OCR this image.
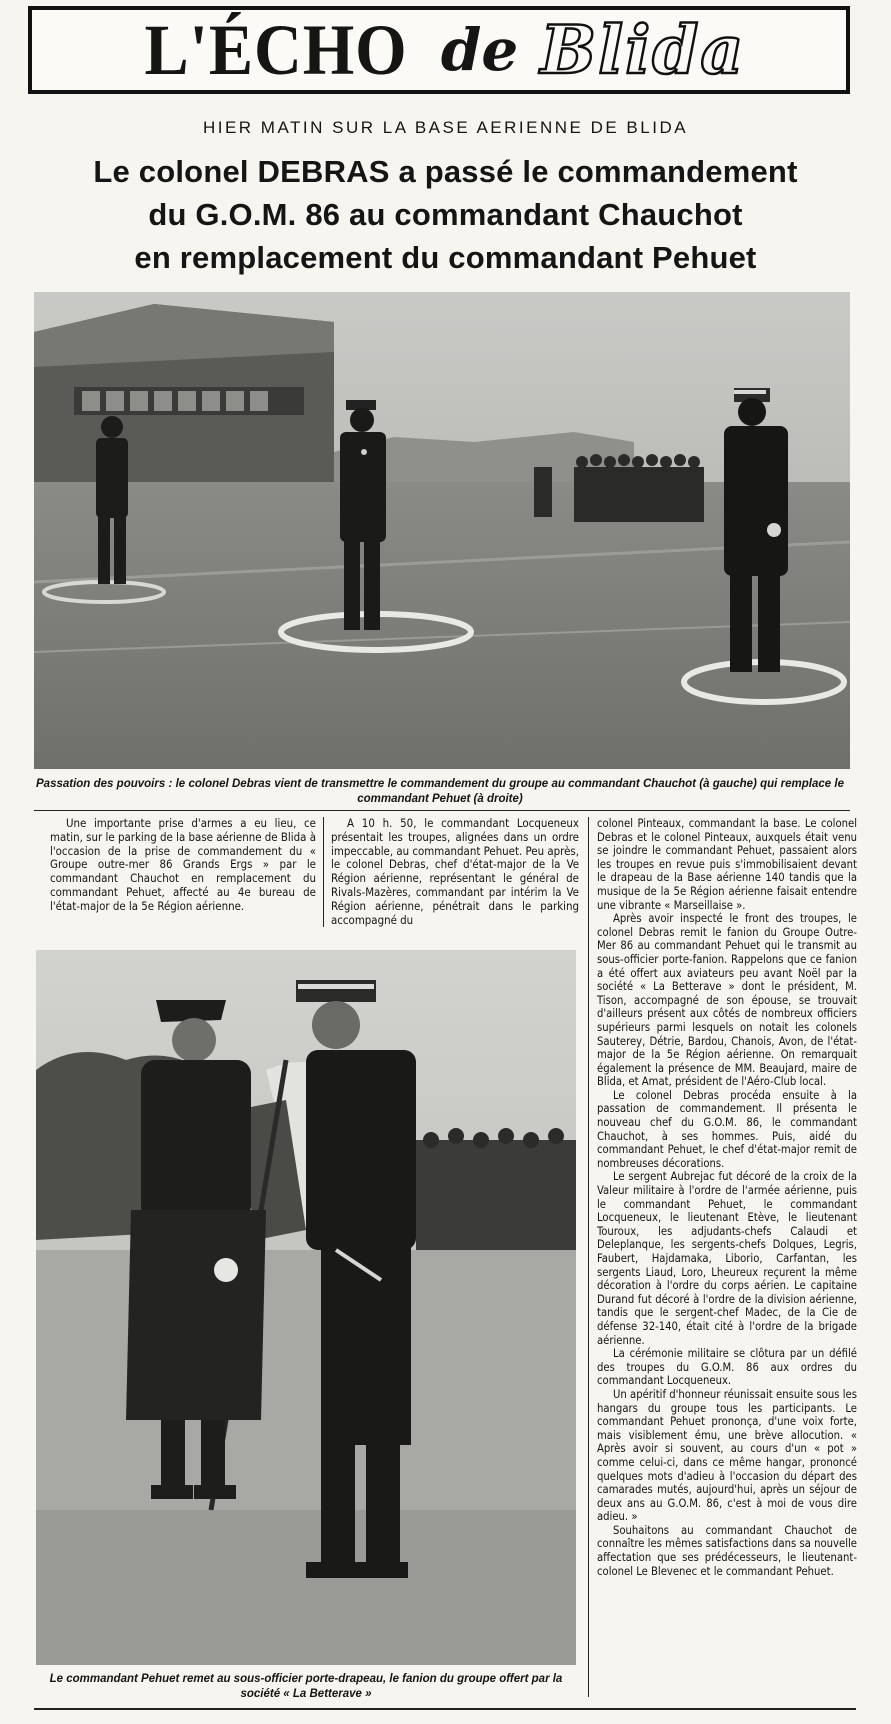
L'ÉCHO de Blida
HIER MATIN SUR LA BASE AERIENNE DE BLIDA
Le colonel DEBRAS a passé le commandement
du G.O.M. 86 au commandant Chauchot
en remplacement du commandant Pehuet
Passation des pouvoirs : le colonel Debras vient de transmettre le commandement du groupe au commandant Chauchot (à gauche) qui remplace le commandant Pehuet (à droite)

Une importante prise d'armes a eu lieu, ce matin, sur le parking de la base aérienne de Blida à l'occasion de la prise de commandement du « Groupe outre-mer 86 Grands Ergs » par le commandant Chauchot en remplacement du commandant Pehuet, affecté au 4e bureau de l'état-major de la 5e Région aérienne.

A 10 h. 50, le commandant Locqueneux présentait les troupes, alignées dans un ordre impeccable, au commandant Pehuet. Peu après, le colonel Debras, chef d'état-major de la Ve Région aérienne, représentant le général de Rivals-Mazères, commandant par intérim la Ve Région aérienne, pénétrait dans le parking accompagné du

colonel Pinteaux, commandant la base. Le colonel Debras et le colonel Pinteaux, auxquels était venu se joindre le commandant Pehuet, passaient alors les troupes en revue puis s'immobilisaient devant le drapeau de la Base aérienne 140 tandis que la musique de la 5e Région aérienne faisait entendre une vibrante « Marseillaise ».

Après avoir inspecté le front des troupes, le colonel Debras remit le fanion du Groupe Outre-Mer 86 au commandant Pehuet qui le transmit au sous-officier porte-fanion. Rappelons que ce fanion a été offert aux aviateurs peu avant Noël par la société « La Betterave » dont le président, M. Tison, accompagné de son épouse, se trouvait d'ailleurs présent aux côtés de nombreux officiers supérieurs parmi lesquels on notait les colonels Sauterey, Détrie, Bardou, Chanois, Avon, de l'état-major de la 5e Région aérienne. On remarquait également la présence de MM. Beaujard, maire de Blida, et Amat, président de l'Aéro-Club local.

Le colonel Debras procéda ensuite à la passation de commandement. Il présenta le nouveau chef du G.O.M. 86, le commandant Chauchot, à ses hommes. Puis, aidé du commandant Pehuet, le chef d'état-major remit de nombreuses décorations.

Le sergent Aubrejac fut décoré de la croix de la Valeur militaire à l'ordre de l'armée aérienne, puis le commandant Pehuet, le commandant Locqueneux, le lieutenant Etève, le lieutenant Touroux, les adjudants-chefs Calaudi et Deleplanque, les sergents-chefs Dolques, Legris, Faubert, Hajdamaka, Liborio, Carfantan, les sergents Liaud, Loro, Lheureux reçurent la même décoration à l'ordre du corps aérien. Le capitaine Durand fut décoré à l'ordre de la division aérienne, tandis que le sergent-chef Madec, de la Cie de défense 32-140, était cité à l'ordre de la brigade aérienne.

La cérémonie militaire se clôtura par un défilé des troupes du G.O.M. 86 aux ordres du commandant Locqueneux.

Un apéritif d'honneur réunissait ensuite sous les hangars du groupe tous les participants. Le commandant Pehuet prononça, d'une voix forte, mais visiblement ému, une brève allocution. « Après avoir si souvent, au cours d'un « pot » comme celui-ci, dans ce même hangar, prononcé quelques mots d'adieu à l'occasion du départ des camarades mutés, aujourd'hui, après un séjour de deux ans au G.O.M. 86, c'est à moi de vous dire adieu. »

Souhaitons au commandant Chauchot de connaître les mêmes satisfactions dans sa nouvelle affectation que ses prédécesseurs, le lieutenant-colonel Le Blevenec et le commandant Pehuet.

Le commandant Pehuet remet au sous-officier porte-drapeau, le fanion du groupe offert par la société « La Betterave »
